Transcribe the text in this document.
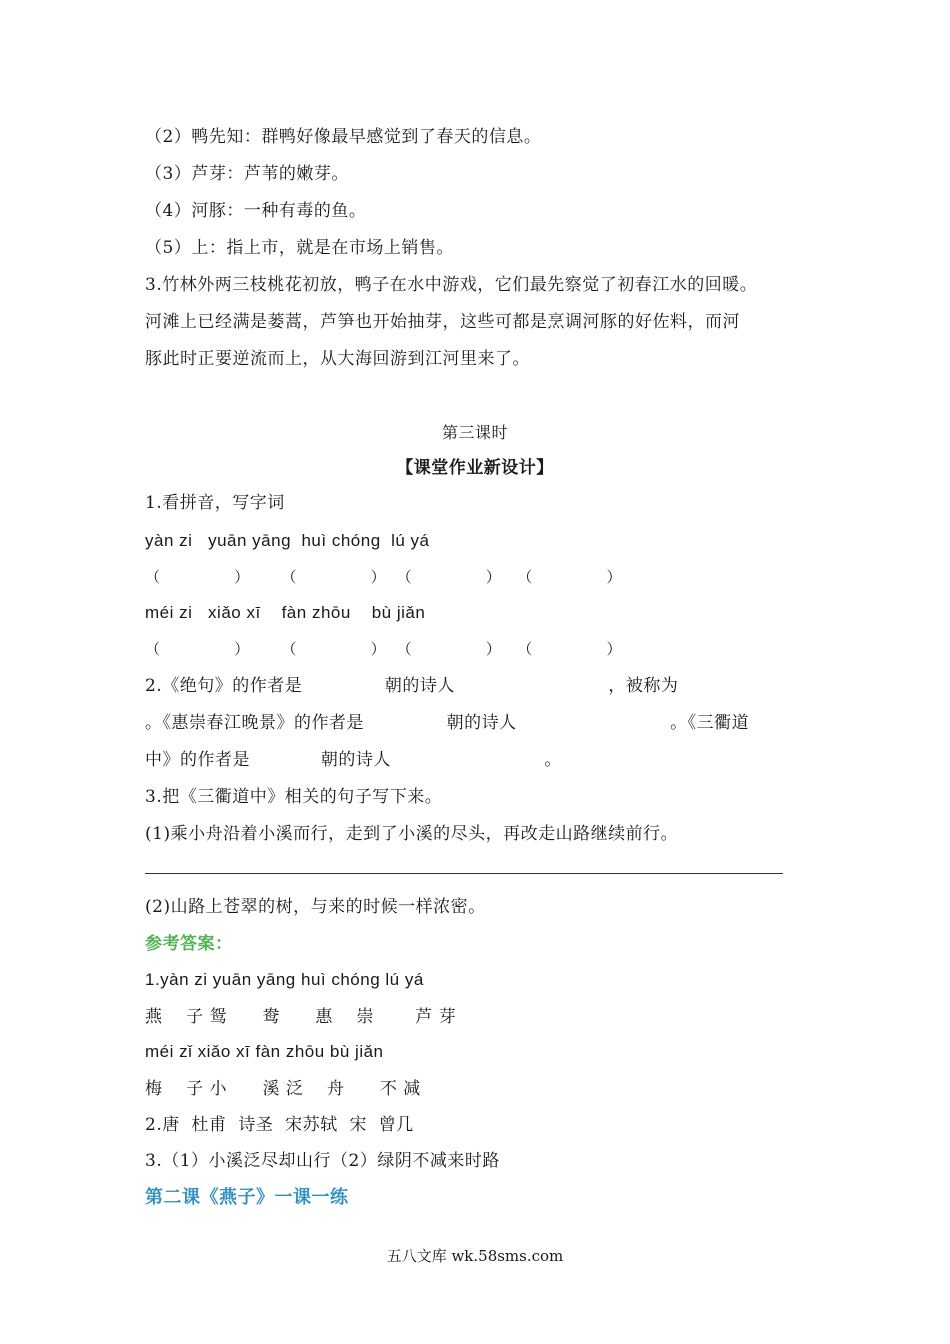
（2）鸭先知：群鸭好像最早感觉到了春天的信息。
（3）芦芽：芦苇的嫩芽。
（4）河豚：一种有毒的鱼。
（5）上：指上市，就是在市场上销售。
3.竹林外两三枝桃花初放，鸭子在水中游戏，它们最先察觉了初春江水的回暖。
河滩上已经满是蒌蒿，芦笋也开始抽芽，这些可都是烹调河豚的好佐料，而河
豚此时正要逆流而上，从大海回游到江河里来了。
第三课时
【课堂作业新设计】
1.看拼音，写字词
yàn zi   yuān yāng  huì chóng  lú yá
（              ）      （              ）  （              ）   （              ）
méi zi   xiǎo xī    fàn zhōu    bù jiǎn
（              ）      （              ）  （              ）   （              ）
2.《绝句》的作者是              朝的诗人                          ，被称为
。《惠崇春江晚景》的作者是              朝的诗人                          。《三衢道
中》的作者是            朝的诗人                          。
3.把《三衢道中》相关的句子写下来。
(1)乘小舟沿着小溪而行，走到了小溪的尽头，再改走山路继续前行。
(2)山路上苍翠的树，与来的时候一样浓密。
参考答案：
1.yàn zi yuān yāng huì chóng lú yá
燕    子 鸳      鸯      惠    崇       芦 芽
méi zǐ xiǎo xī fàn zhōu bù jiǎn
梅    子 小      溪 泛    舟      不 减
2.唐  杜甫  诗圣  宋苏轼  宋  曾几
3.（1）小溪泛尽却山行（2）绿阴不减来时路
第二课《燕子》一课一练
五八文库 wk.58sms.com
